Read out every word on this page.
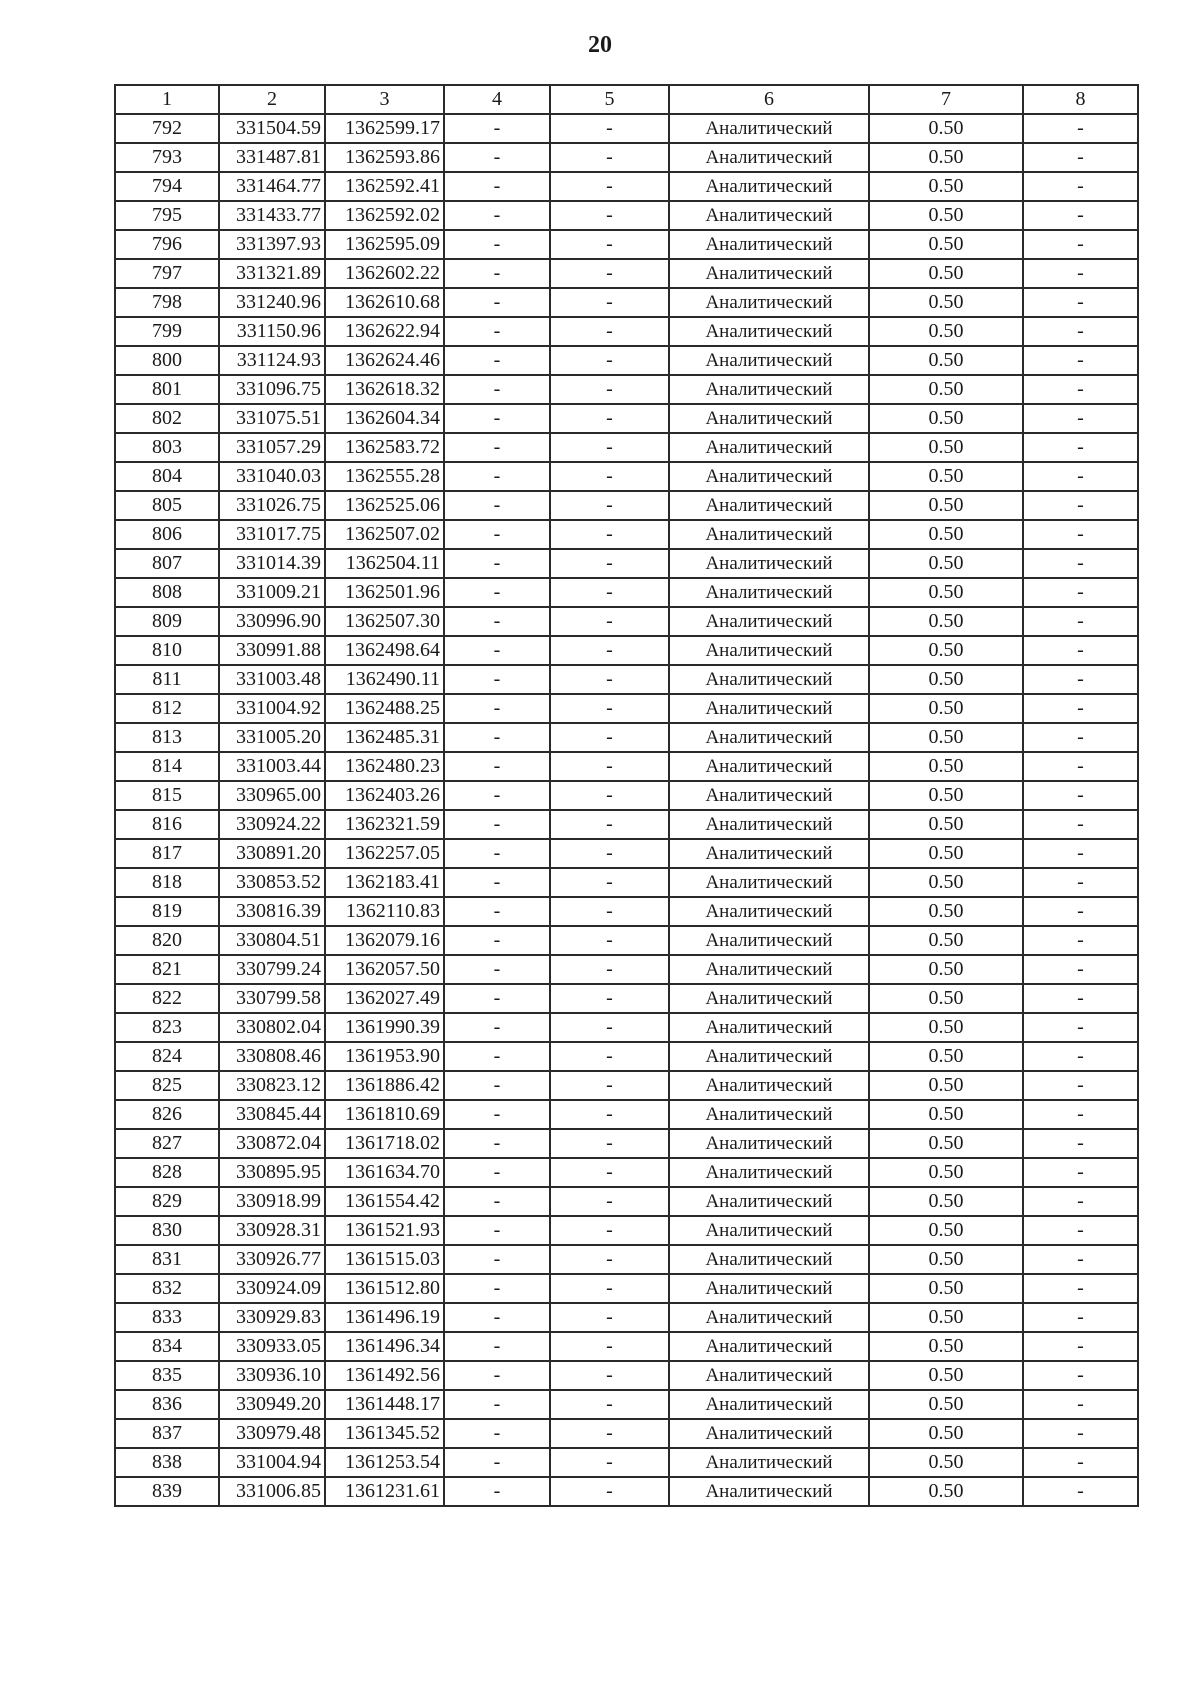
20
1	2	3	4	5	6	7	8
792	331504.59	1362599.17	-	-	Аналитический	0.50	-
793	331487.81	1362593.86	-	-	Аналитический	0.50	-
794	331464.77	1362592.41	-	-	Аналитический	0.50	-
795	331433.77	1362592.02	-	-	Аналитический	0.50	-
796	331397.93	1362595.09	-	-	Аналитический	0.50	-
797	331321.89	1362602.22	-	-	Аналитический	0.50	-
798	331240.96	1362610.68	-	-	Аналитический	0.50	-
799	331150.96	1362622.94	-	-	Аналитический	0.50	-
800	331124.93	1362624.46	-	-	Аналитический	0.50	-
801	331096.75	1362618.32	-	-	Аналитический	0.50	-
802	331075.51	1362604.34	-	-	Аналитический	0.50	-
803	331057.29	1362583.72	-	-	Аналитический	0.50	-
804	331040.03	1362555.28	-	-	Аналитический	0.50	-
805	331026.75	1362525.06	-	-	Аналитический	0.50	-
806	331017.75	1362507.02	-	-	Аналитический	0.50	-
807	331014.39	1362504.11	-	-	Аналитический	0.50	-
808	331009.21	1362501.96	-	-	Аналитический	0.50	-
809	330996.90	1362507.30	-	-	Аналитический	0.50	-
810	330991.88	1362498.64	-	-	Аналитический	0.50	-
811	331003.48	1362490.11	-	-	Аналитический	0.50	-
812	331004.92	1362488.25	-	-	Аналитический	0.50	-
813	331005.20	1362485.31	-	-	Аналитический	0.50	-
814	331003.44	1362480.23	-	-	Аналитический	0.50	-
815	330965.00	1362403.26	-	-	Аналитический	0.50	-
816	330924.22	1362321.59	-	-	Аналитический	0.50	-
817	330891.20	1362257.05	-	-	Аналитический	0.50	-
818	330853.52	1362183.41	-	-	Аналитический	0.50	-
819	330816.39	1362110.83	-	-	Аналитический	0.50	-
820	330804.51	1362079.16	-	-	Аналитический	0.50	-
821	330799.24	1362057.50	-	-	Аналитический	0.50	-
822	330799.58	1362027.49	-	-	Аналитический	0.50	-
823	330802.04	1361990.39	-	-	Аналитический	0.50	-
824	330808.46	1361953.90	-	-	Аналитический	0.50	-
825	330823.12	1361886.42	-	-	Аналитический	0.50	-
826	330845.44	1361810.69	-	-	Аналитический	0.50	-
827	330872.04	1361718.02	-	-	Аналитический	0.50	-
828	330895.95	1361634.70	-	-	Аналитический	0.50	-
829	330918.99	1361554.42	-	-	Аналитический	0.50	-
830	330928.31	1361521.93	-	-	Аналитический	0.50	-
831	330926.77	1361515.03	-	-	Аналитический	0.50	-
832	330924.09	1361512.80	-	-	Аналитический	0.50	-
833	330929.83	1361496.19	-	-	Аналитический	0.50	-
834	330933.05	1361496.34	-	-	Аналитический	0.50	-
835	330936.10	1361492.56	-	-	Аналитический	0.50	-
836	330949.20	1361448.17	-	-	Аналитический	0.50	-
837	330979.48	1361345.52	-	-	Аналитический	0.50	-
838	331004.94	1361253.54	-	-	Аналитический	0.50	-
839	331006.85	1361231.61	-	-	Аналитический	0.50	-
